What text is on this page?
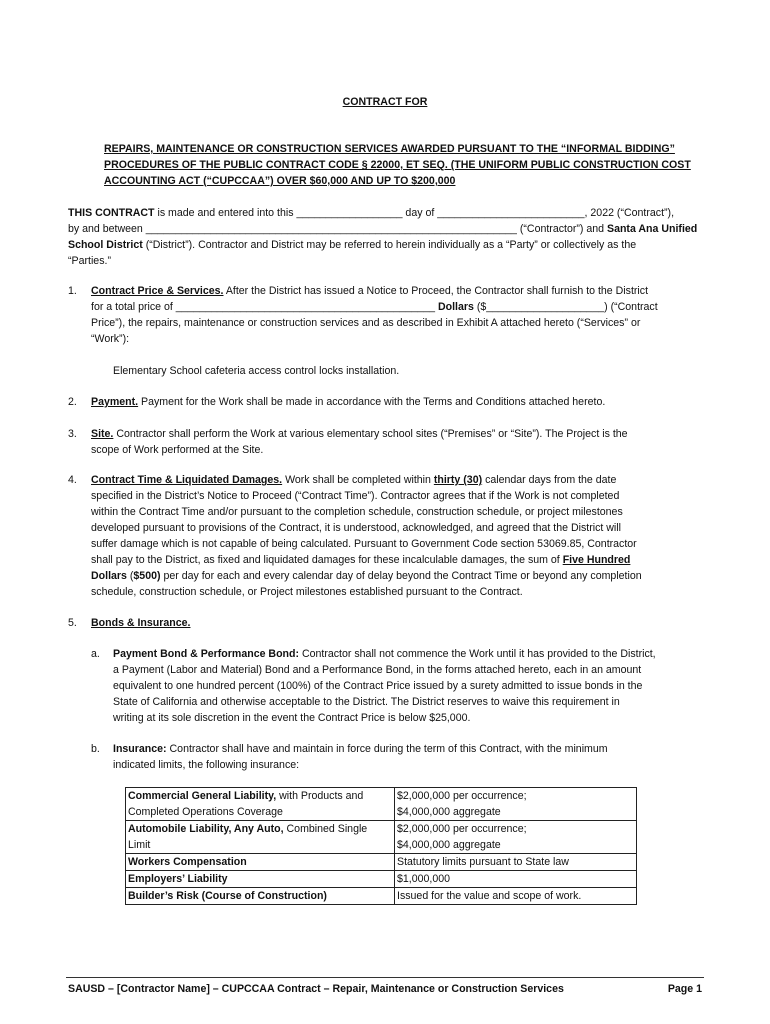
CONTRACT FOR
REPAIRS, MAINTENANCE OR CONSTRUCTION SERVICES AWARDED PURSUANT TO THE “INFORMAL BIDDING”
PROCEDURES OF THE PUBLIC CONTRACT CODE § 22000, ET SEQ. (THE UNIFORM PUBLIC CONSTRUCTION COST
ACCOUNTING ACT (“CUPCCAA”) OVER $60,000 AND UP TO $200,000
THIS CONTRACT is made and entered into this __________________ day of _________________________, 2022 (“Contract”),
by and between _______________________________________________________________ (“Contractor”) and Santa Ana Unified
School District (“District”). Contractor and District may be referred to herein individually as a “Party” or collectively as the
“Parties.”
1. Contract Price & Services. After the District has issued a Notice to Proceed, the Contractor shall furnish to the District
for a total price of ____________________________________________ Dollars ($____________________) (“Contract
Price”), the repairs, maintenance or construction services and as described in Exhibit A attached hereto (“Services” or
“Work”):
Elementary School cafeteria access control locks installation.
2. Payment. Payment for the Work shall be made in accordance with the Terms and Conditions attached hereto.
3. Site. Contractor shall perform the Work at various elementary school sites (“Premises” or “Site”). The Project is the
scope of Work performed at the Site.
4. Contract Time & Liquidated Damages. Work shall be completed within thirty (30) calendar days from the date
specified in the District’s Notice to Proceed (“Contract Time”). Contractor agrees that if the Work is not completed
within the Contract Time and/or pursuant to the completion schedule, construction schedule, or project milestones
developed pursuant to provisions of the Contract, it is understood, acknowledged, and agreed that the District will
suffer damage which is not capable of being calculated. Pursuant to Government Code section 53069.85, Contractor
shall pay to the District, as fixed and liquidated damages for these incalculable damages, the sum of Five Hundred
Dollars ($500) per day for each and every calendar day of delay beyond the Contract Time or beyond any completion
schedule, construction schedule, or Project milestones established pursuant to the Contract.
5. Bonds & Insurance.
a. Payment Bond & Performance Bond: Contractor shall not commence the Work until it has provided to the District,
a Payment (Labor and Material) Bond and a Performance Bond, in the forms attached hereto, each in an amount
equivalent to one hundred percent (100%) of the Contract Price issued by a surety admitted to issue bonds in the
State of California and otherwise acceptable to the District. The District reserves to waive this requirement in
writing at its sole discretion in the event the Contract Price is below $25,000.
b. Insurance: Contractor shall have and maintain in force during the term of this Contract, with the minimum
indicated limits, the following insurance:
Commercial General Liability, with Products and
Completed Operations Coverage	$2,000,000 per occurrence;
$4,000,000 aggregate
Automobile Liability, Any Auto, Combined Single
Limit	$2,000,000 per occurrence;
$4,000,000 aggregate
Workers Compensation	Statutory limits pursuant to State law
Employers’ Liability	$1,000,000
Builder’s Risk (Course of Construction)	Issued for the value and scope of work.
SAUSD – [Contractor Name] – CUPCCAA Contract – Repair, Maintenance or Construction Services	Page 1
